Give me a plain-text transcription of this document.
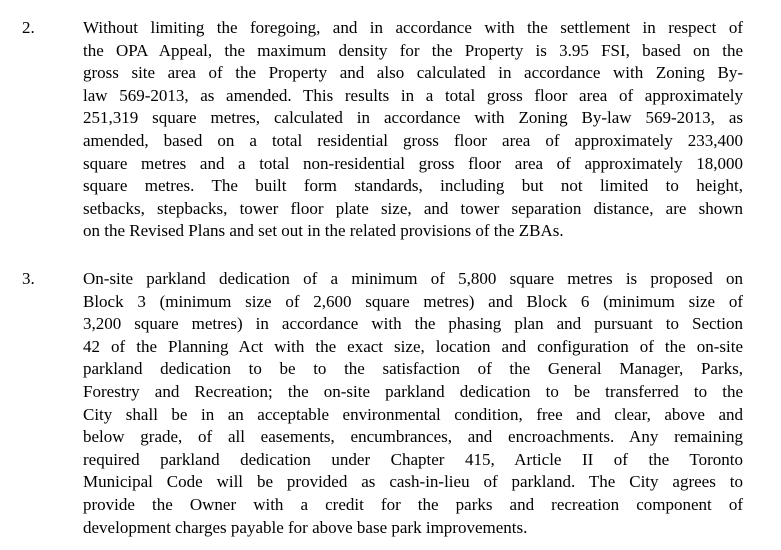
2.	Without limiting the foregoing, and in accordance with the settlement in respect of
the OPA Appeal, the maximum density for the Property is 3.95 FSI, based on the
gross site area of the Property and also calculated in accordance with Zoning By-
law 569-2013, as amended. This results in a total gross floor area of approximately
251,319 square metres, calculated in accordance with Zoning By-law 569-2013, as
amended, based on a total residential gross floor area of approximately 233,400
square metres and a total non-residential gross floor area of approximately 18,000
square metres. The built form standards, including but not limited to height,
setbacks, stepbacks, tower floor plate size, and tower separation distance, are shown
on the Revised Plans and set out in the related provisions of the ZBAs.
3.	On-site parkland dedication of a minimum of 5,800 square metres is proposed on
Block 3 (minimum size of 2,600 square metres) and Block 6 (minimum size of
3,200 square metres) in accordance with the phasing plan and pursuant to Section
42 of the Planning Act with the exact size, location and configuration of the on-site
parkland dedication to be to the satisfaction of the General Manager, Parks,
Forestry and Recreation; the on-site parkland dedication to be transferred to the
City shall be in an acceptable environmental condition, free and clear, above and
below grade, of all easements, encumbrances, and encroachments. Any remaining
required parkland dedication under Chapter 415, Article II of the Toronto
Municipal Code will be provided as cash-in-lieu of parkland. The City agrees to
provide the Owner with a credit for the parks and recreation component of
development charges payable for above base park improvements.
